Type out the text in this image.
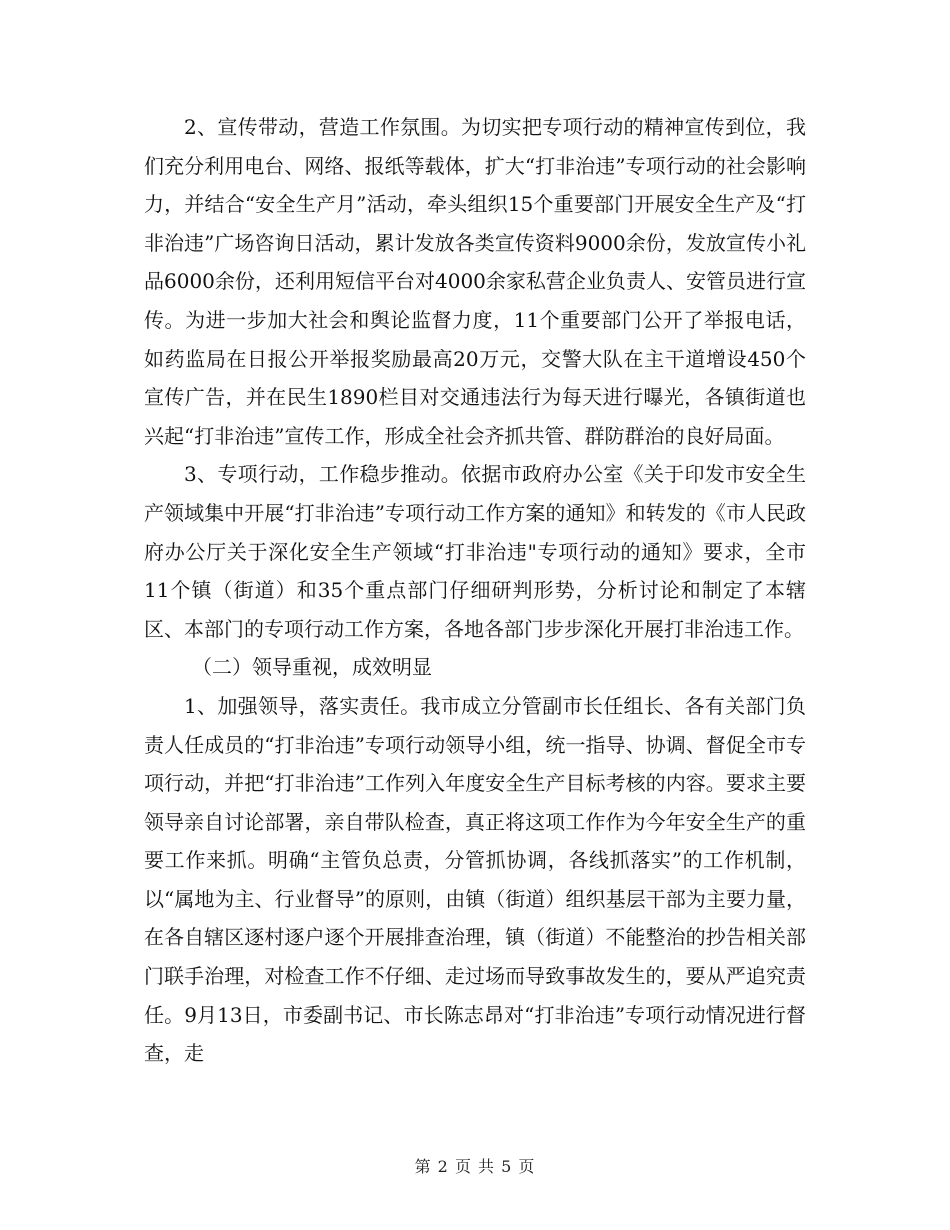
2、宣传带动，营造工作氛围。为切实把专项行动的精神宣传到位，我们充分利用电台、网络、报纸等载体，扩大“打非治违”专项行动的社会影响力，并结合“安全生产月”活动，牵头组织15个重要部门开展安全生产及“打非治违”广场咨询日活动，累计发放各类宣传资料9000余份，发放宣传小礼品6000余份，还利用短信平台对4000余家私营企业负责人、安管员进行宣传。为进一步加大社会和舆论监督力度，11个重要部门公开了举报电话，如药监局在日报公开举报奖励最高20万元，交警大队在主干道增设450个宣传广告，并在民生1890栏目对交通违法行为每天进行曝光，各镇街道也兴起“打非治违”宣传工作，形成全社会齐抓共管、群防群治的良好局面。

3、专项行动，工作稳步推动。依据市政府办公室《关于印发市安全生产领域集中开展“打非治违”专项行动工作方案的通知》和转发的《市人民政府办公厅关于深化安全生产领域“打非治违"专项行动的通知》要求，全市11个镇（街道）和35个重点部门仔细研判形势，分析讨论和制定了本辖区、本部门的专项行动工作方案，各地各部门步步深化开展打非治违工作。

（二）领导重视，成效明显

1、加强领导，落实责任。我市成立分管副市长任组长、各有关部门负责人任成员的“打非治违”专项行动领导小组，统一指导、协调、督促全市专项行动，并把“打非治违”工作列入年度安全生产目标考核的内容。要求主要领导亲自讨论部署，亲自带队检查，真正将这项工作作为今年安全生产的重要工作来抓。明确“主管负总责，分管抓协调，各线抓落实”的工作机制，以“属地为主、行业督导”的原则，由镇（街道）组织基层干部为主要力量，在各自辖区逐村逐户逐个开展排查治理，镇（街道）不能整治的抄告相关部门联手治理，对检查工作不仔细、走过场而导致事故发生的，要从严追究责任。9月13日，市委副书记、市长陈志昂对“打非治违”专项行动情况进行督查，走

第 2 页 共 5 页
